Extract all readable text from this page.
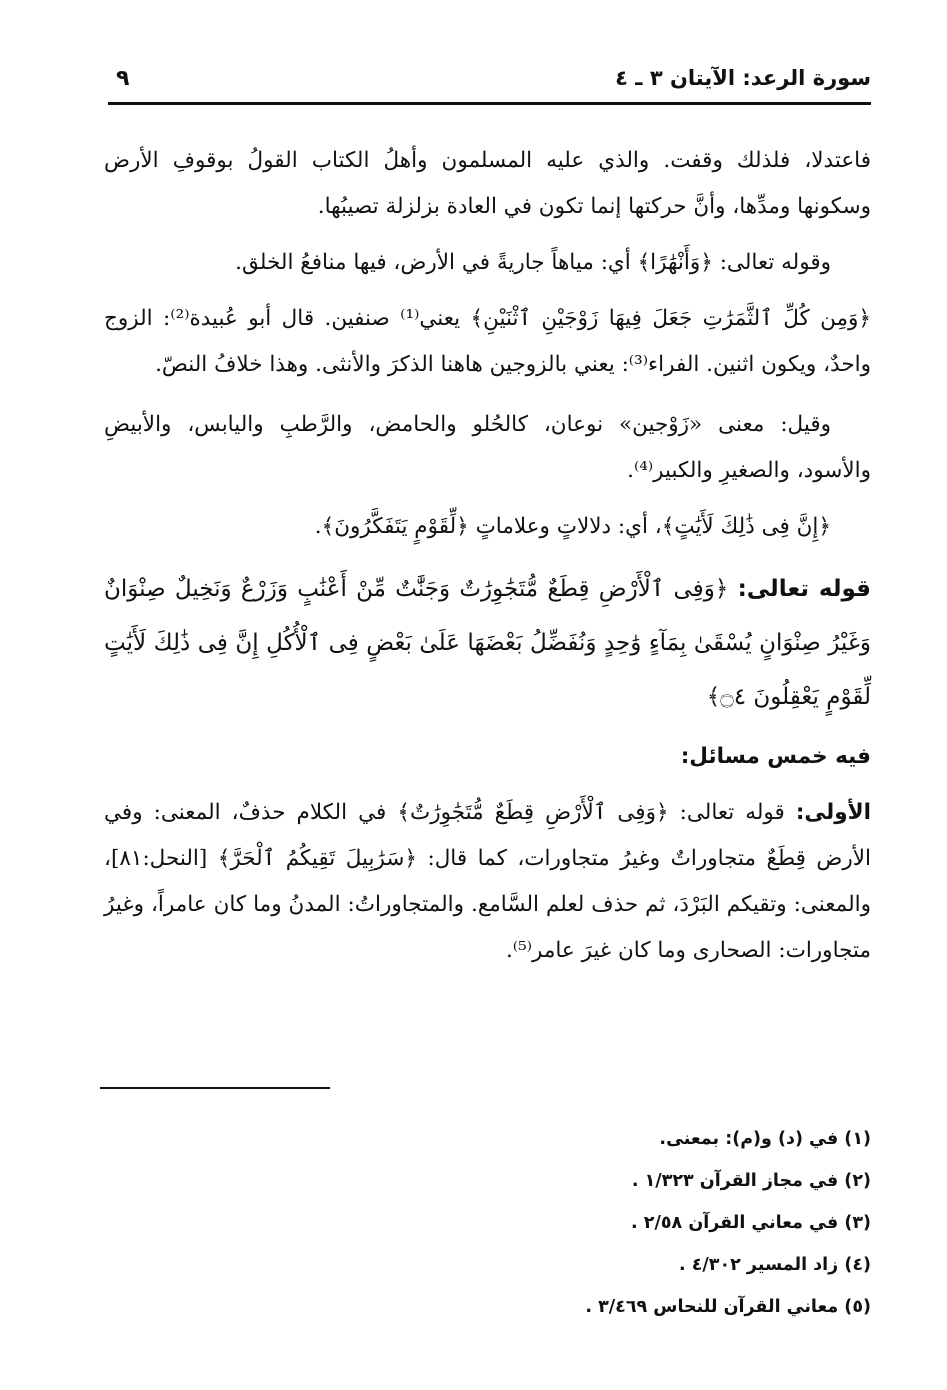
سورة الرعد: الآيتان ٣ ـ ٤
٩

فاعتدلا، فلذلك وقفت. والذي عليه المسلمون وأهلُ الكتاب القولُ بوقوفِ الأرض وسكونها ومدِّها، وأنَّ حركتها إنما تكون في العادة بزلزلة تصيبُها.

وقوله تعالى: ﴿وَأَنْهَٰرًا﴾ أي: مياهاً جاريةً في الأرض، فيها منافعُ الخلق.

﴿وَمِن كُلِّ ٱلثَّمَرَٰتِ جَعَلَ فِيهَا زَوْجَيْنِ ٱثْنَيْنِ﴾ يعني⁽¹⁾ صنفين. قال أبو عُبيدة⁽²⁾: الزوج واحدٌ، ويكون اثنين. الفراء⁽³⁾: يعني بالزوجين هاهنا الذكرَ والأنثى. وهذا خلافُ النصّ.

وقيل: معنى «زَوْجين» نوعان، كالحُلو والحامض، والرَّطبِ واليابس، والأبيضِ والأسود، والصغيرِ والكبير⁽⁴⁾.

﴿إِنَّ فِى ذَٰلِكَ لَأَيَٰتٍ﴾، أي: دلالاتٍ وعلاماتٍ ﴿لِّقَوْمٍ يَتَفَكَّرُونَ﴾.

قوله تعالى: ﴿وَفِى ٱلْأَرْضِ قِطَعٌ مُّتَجَٰوِرَٰتٌ وَجَنَّٰتٌ مِّنْ أَعْنَٰبٍ وَزَرْعٌ وَنَخِيلٌ صِنْوَانٌ وَغَيْرُ صِنْوَانٍ يُسْقَىٰ بِمَآءٍ وَٰحِدٍ وَنُفَضِّلُ بَعْضَهَا عَلَىٰ بَعْضٍ فِى ٱلْأُكُلِ إِنَّ فِى ذَٰلِكَ لَأَيَٰتٍ لِّقَوْمٍ يَعْقِلُونَ ۝٤﴾

فيه خمس مسائل:

الأولى: قوله تعالى: ﴿وَفِى ٱلْأَرْضِ قِطَعٌ مُّتَجَٰوِرَٰتٌ﴾ في الكلام حذفٌ، المعنى: وفي الأرض قِطَعٌ متجاوراتٌ وغيرُ متجاورات، كما قال: ﴿سَرَٰبِيلَ تَقِيكُمُ ٱلْحَرَّ﴾ [النحل:٨١]، والمعنى: وتقيكم البَرْدَ، ثم حذف لعلم السَّامع. والمتجاوراتُ: المدنُ وما كان عامراً، وغيرُ متجاورات: الصحارى وما كان غيرَ عامر⁽⁵⁾.

(١) في (د) و(م): بمعنى.

(٢) في مجاز القرآن ١/٣٢٣ .

(٣) في معاني القرآن ٢/٥٨ .

(٤) زاد المسير ٤/٣٠٢ .

(٥) معاني القرآن للنحاس ٣/٤٦٩ .
